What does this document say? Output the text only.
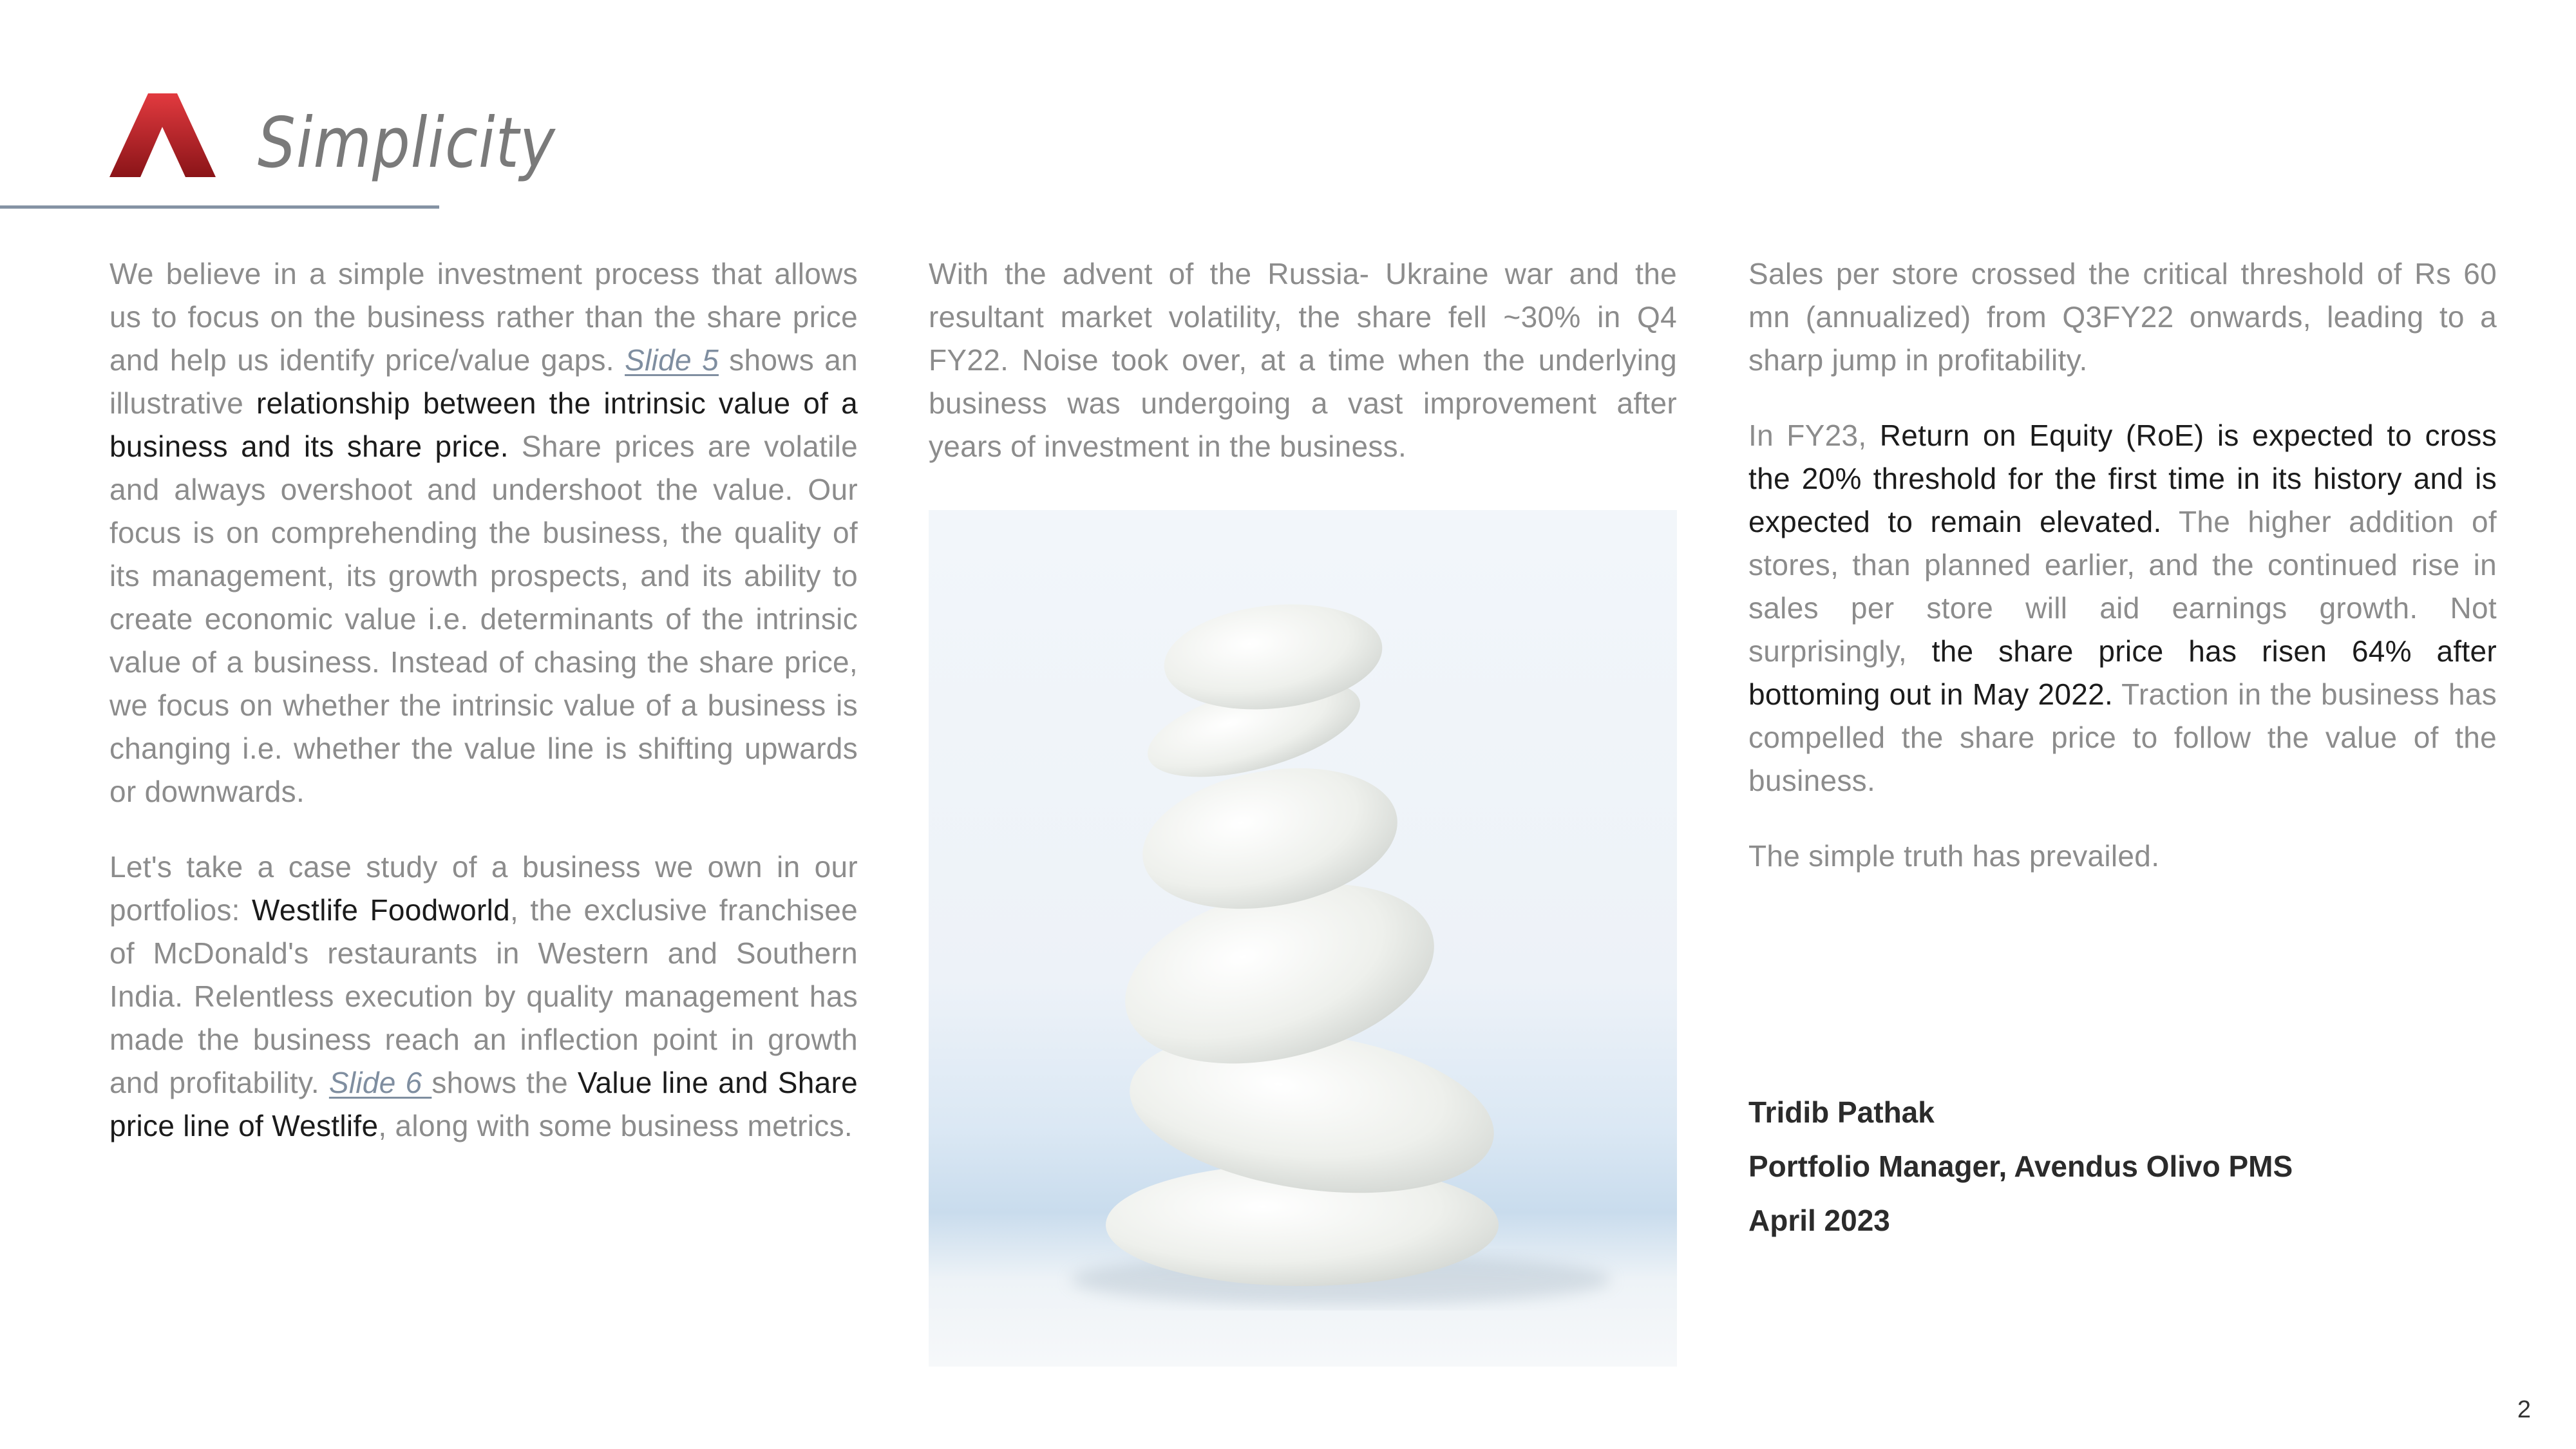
Simplicity

We believe in a simple investment process that allows us to focus on the business rather than the share price and help us identify price/value gaps. Slide 5 shows an illustrative relationship between the intrinsic value of a business and its share price. Share prices are volatile and always overshoot and undershoot the value. Our focus is on comprehending the business, the quality of its management, its growth prospects, and its ability to create economic value i.e. determinants of the intrinsic value of a business. Instead of chasing the share price, we focus on whether the intrinsic value of a business is changing i.e. whether the value line is shifting upwards or downwards.

Let's take a case study of a business we own in our portfolios: Westlife Foodworld, the exclusive franchisee of McDonald's restaurants in Western and Southern India. Relentless execution by quality management has made the business reach an inflection point in growth and profitability. Slide 6 shows the Value line and Share price line of Westlife, along with some business metrics.

With the advent of the Russia- Ukraine war and the resultant market volatility, the share fell ~30% in Q4 FY22. Noise took over, at a time when the underlying business was undergoing a vast improvement after years of investment in the business.

Sales per store crossed the critical threshold of Rs 60 mn (annualized) from Q3FY22 onwards, leading to a sharp jump in profitability.

In FY23, Return on Equity (RoE) is expected to cross the 20% threshold for the first time in its history and is expected to remain elevated. The higher addition of stores, than planned earlier, and the continued rise in sales per store will aid earnings growth. Not surprisingly, the share price has risen 64% after bottoming out in May 2022. Traction in the business has compelled the share price to follow the value of the business.

The simple truth has prevailed.

Tridib Pathak
Portfolio Manager, Avendus Olivo PMS
April 2023
2
